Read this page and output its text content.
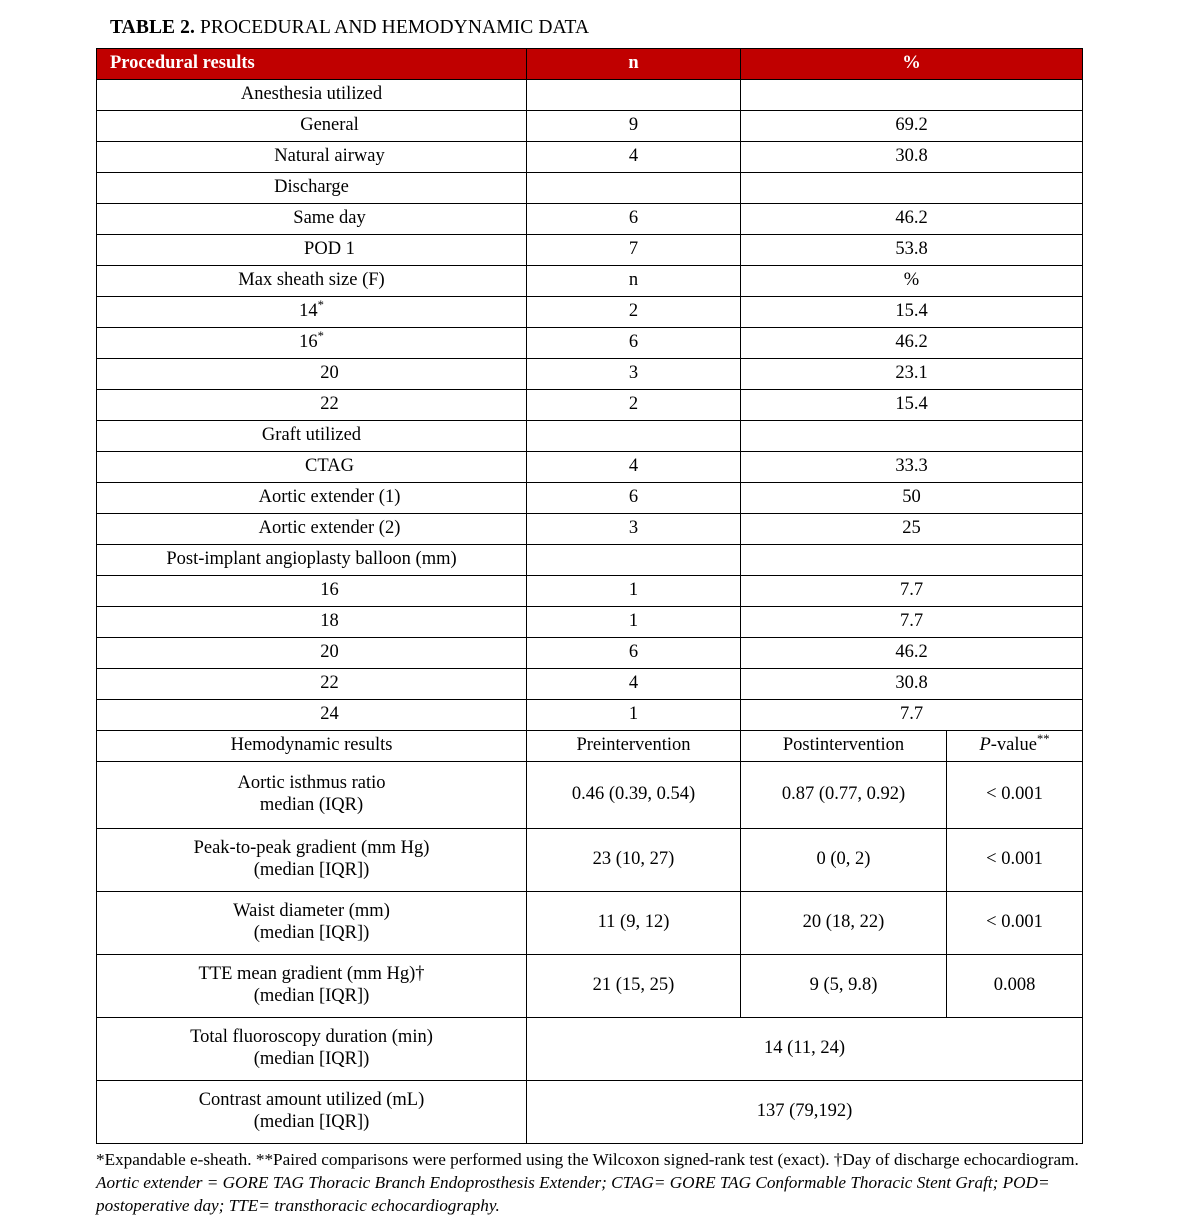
TABLE 2. PROCEDURAL AND HEMODYNAMIC DATA
Procedural results	n	%	
Anesthesia utilized			
General	9	69.2	
Natural airway	4	30.8	
Discharge			
Same day	6	46.2	
POD 1	7	53.8	
Max sheath size (F)	n	%	
14*	2	15.4	
16*	6	46.2	
20	3	23.1	
22	2	15.4	
Graft utilized			
CTAG	4	33.3	
Aortic extender (1)	6	50	
Aortic extender (2)	3	25	
Post-implant angioplasty balloon (mm)			
16	1	7.7	
18	1	7.7	
20	6	46.2	
22	4	30.8	
24	1	7.7	
Hemodynamic results	Preintervention	Postintervention	P-value**

Aortic isthmus ratio
median (IQR)	0.46 (0.39, 0.54)	0.87 (0.77, 0.92)	< 0.001

Peak-to-peak gradient (mm Hg)
(median [IQR])	23 (10, 27)	0 (0, 2)	< 0.001

Waist diameter (mm)
(median [IQR])	11 (9, 12)	20 (18, 22)	< 0.001

TTE mean gradient (mm Hg)†
(median [IQR])	21 (15, 25)	9 (5, 9.8)	0.008

Total fluoroscopy duration (min)
(median [IQR])	14 (11, 24)		

Contrast amount utilized (mL)
(median [IQR])	137 (79,192)		
*Expandable e-sheath. **Paired comparisons were performed using the Wilcoxon signed-rank test (exact). †Day of discharge echocardiogram. Aortic extender = GORE TAG Thoracic Branch Endoprosthesis Extender; CTAG= GORE TAG Conformable Thoracic Stent Graft; POD= postoperative day; TTE= transthoracic echocardiography.
